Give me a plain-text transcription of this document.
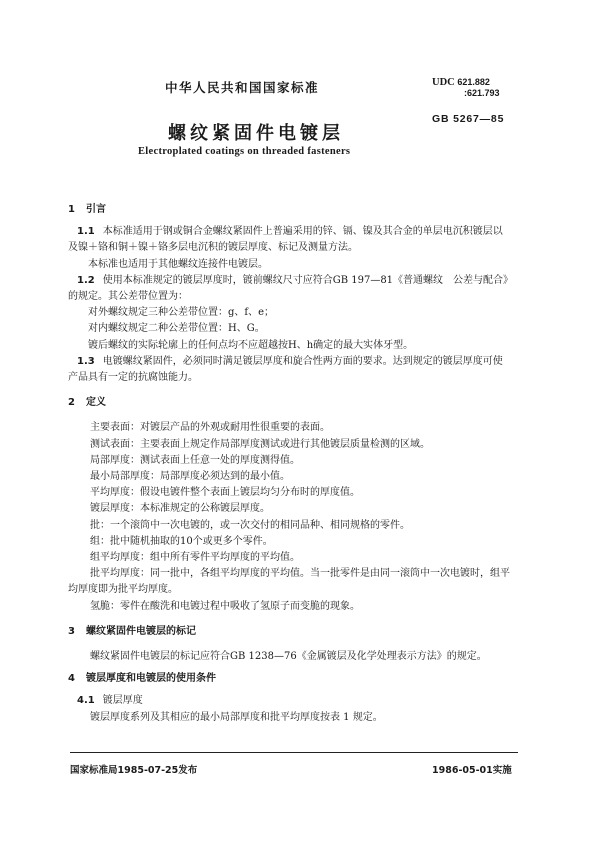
中华人民共和国国家标准
螺纹紧固件电镀层
Electroplated coatings on threaded fasteners
UDC 621.882
:621.793
GB 5267—85
1 引言

1.1 本标准适用于钢或铜合金螺纹紧固件上普遍采用的锌、镉、镍及其合金的单层电沉积镀层以

及镍＋铬和铜＋镍＋铬多层电沉积的镀层厚度、标记及测量方法。

本标准也适用于其他螺纹连接件电镀层。

1.2 使用本标准规定的镀层厚度时，镀前螺纹尺寸应符合GB 197—81《普通螺纹　公差与配合》

的规定。其公差带位置为：

对外螺纹规定三种公差带位置：g、f、e；

对内螺纹规定二种公差带位置：H、G。

镀后螺纹的实际轮廓上的任何点均不应超越按H、h确定的最大实体牙型。

1.3 电镀螺纹紧固件，必须同时满足镀层厚度和旋合性两方面的要求。达到规定的镀层厚度可使

产品具有一定的抗腐蚀能力。

2 定义

主要表面：对镀层产品的外观或耐用性很重要的表面。

测试表面：主要表面上规定作局部厚度测试或进行其他镀层质量检测的区域。

局部厚度：测试表面上任意一处的厚度测得值。

最小局部厚度：局部厚度必须达到的最小值。

平均厚度：假设电镀件整个表面上镀层均匀分布时的厚度值。

镀层厚度：本标准规定的公称镀层厚度。

批：一个滚筒中一次电镀的，或一次交付的相同品种、相同规格的零件。

组：批中随机抽取的10个或更多个零件。

组平均厚度：组中所有零件平均厚度的平均值。

批平均厚度：同一批中，各组平均厚度的平均值。当一批零件是由同一滚筒中一次电镀时，组平

均厚度即为批平均厚度。

氢脆：零件在酸洗和电镀过程中吸收了氢原子而变脆的现象。

3 螺纹紧固件电镀层的标记

螺纹紧固件电镀层的标记应符合GB 1238—76《金属镀层及化学处理表示方法》的规定。

4 镀层厚度和电镀层的使用条件

4.1 镀层厚度

镀层厚度系列及其相应的最小局部厚度和批平均厚度按表 1 规定。

国家标准局1985-07-25发布	1986-05-01实施
